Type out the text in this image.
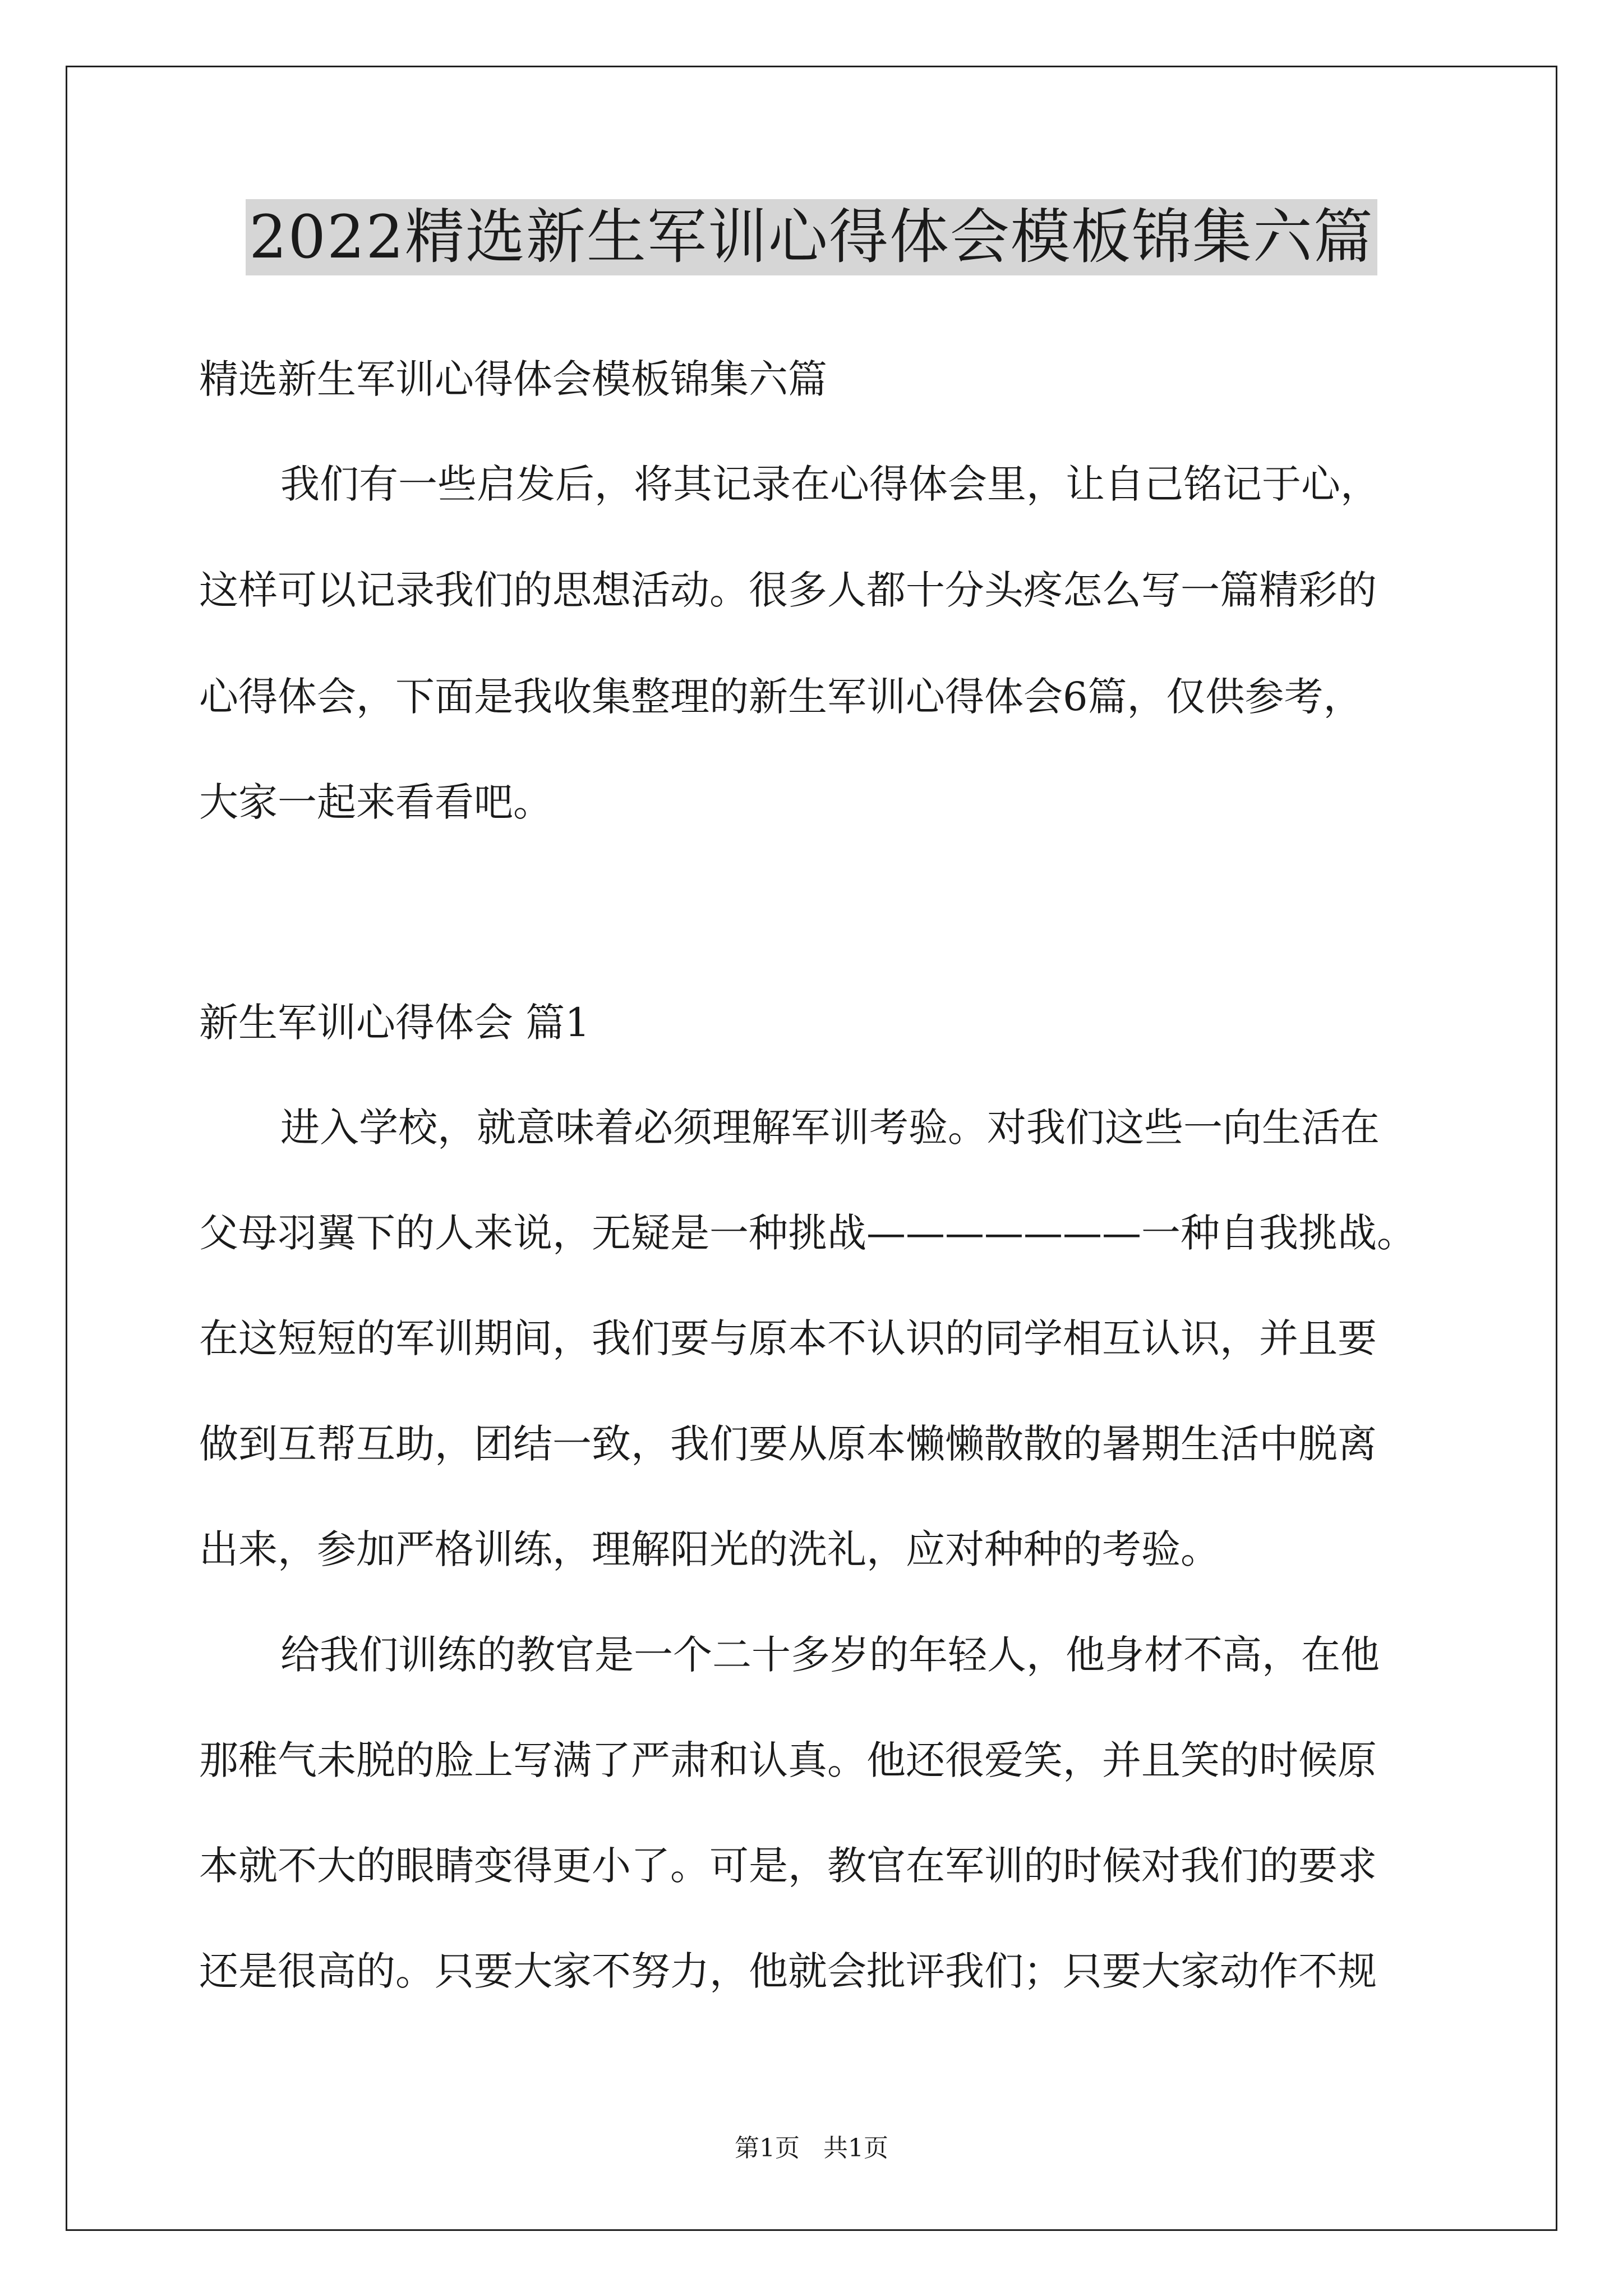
2022精选新生军训心得体会模板锦集六篇
精选新生军训心得体会模板锦集六篇
我们有一些启发后，将其记录在心得体会里，让自己铭记于心，
这样可以记录我们的思想活动。很多人都十分头疼怎么写一篇精彩的
心得体会，下面是我收集整理的新生军训心得体会6篇，仅供参考，
大家一起来看看吧。
新生军训心得体会 篇1
进入学校，就意味着必须理解军训考验。对我们这些一向生活在
父母羽翼下的人来说，无疑是一种挑战———————一种自我挑战。
在这短短的军训期间，我们要与原本不认识的同学相互认识，并且要
做到互帮互助，团结一致，我们要从原本懒懒散散的暑期生活中脱离
出来，参加严格训练，理解阳光的洗礼，应对种种的考验。
给我们训练的教官是一个二十多岁的年轻人，他身材不高，在他
那稚气未脱的脸上写满了严肃和认真。他还很爱笑，并且笑的时候原
本就不大的眼睛变得更小了。可是，教官在军训的时候对我们的要求
还是很高的。只要大家不努力，他就会批评我们；只要大家动作不规
第1页   共1页
